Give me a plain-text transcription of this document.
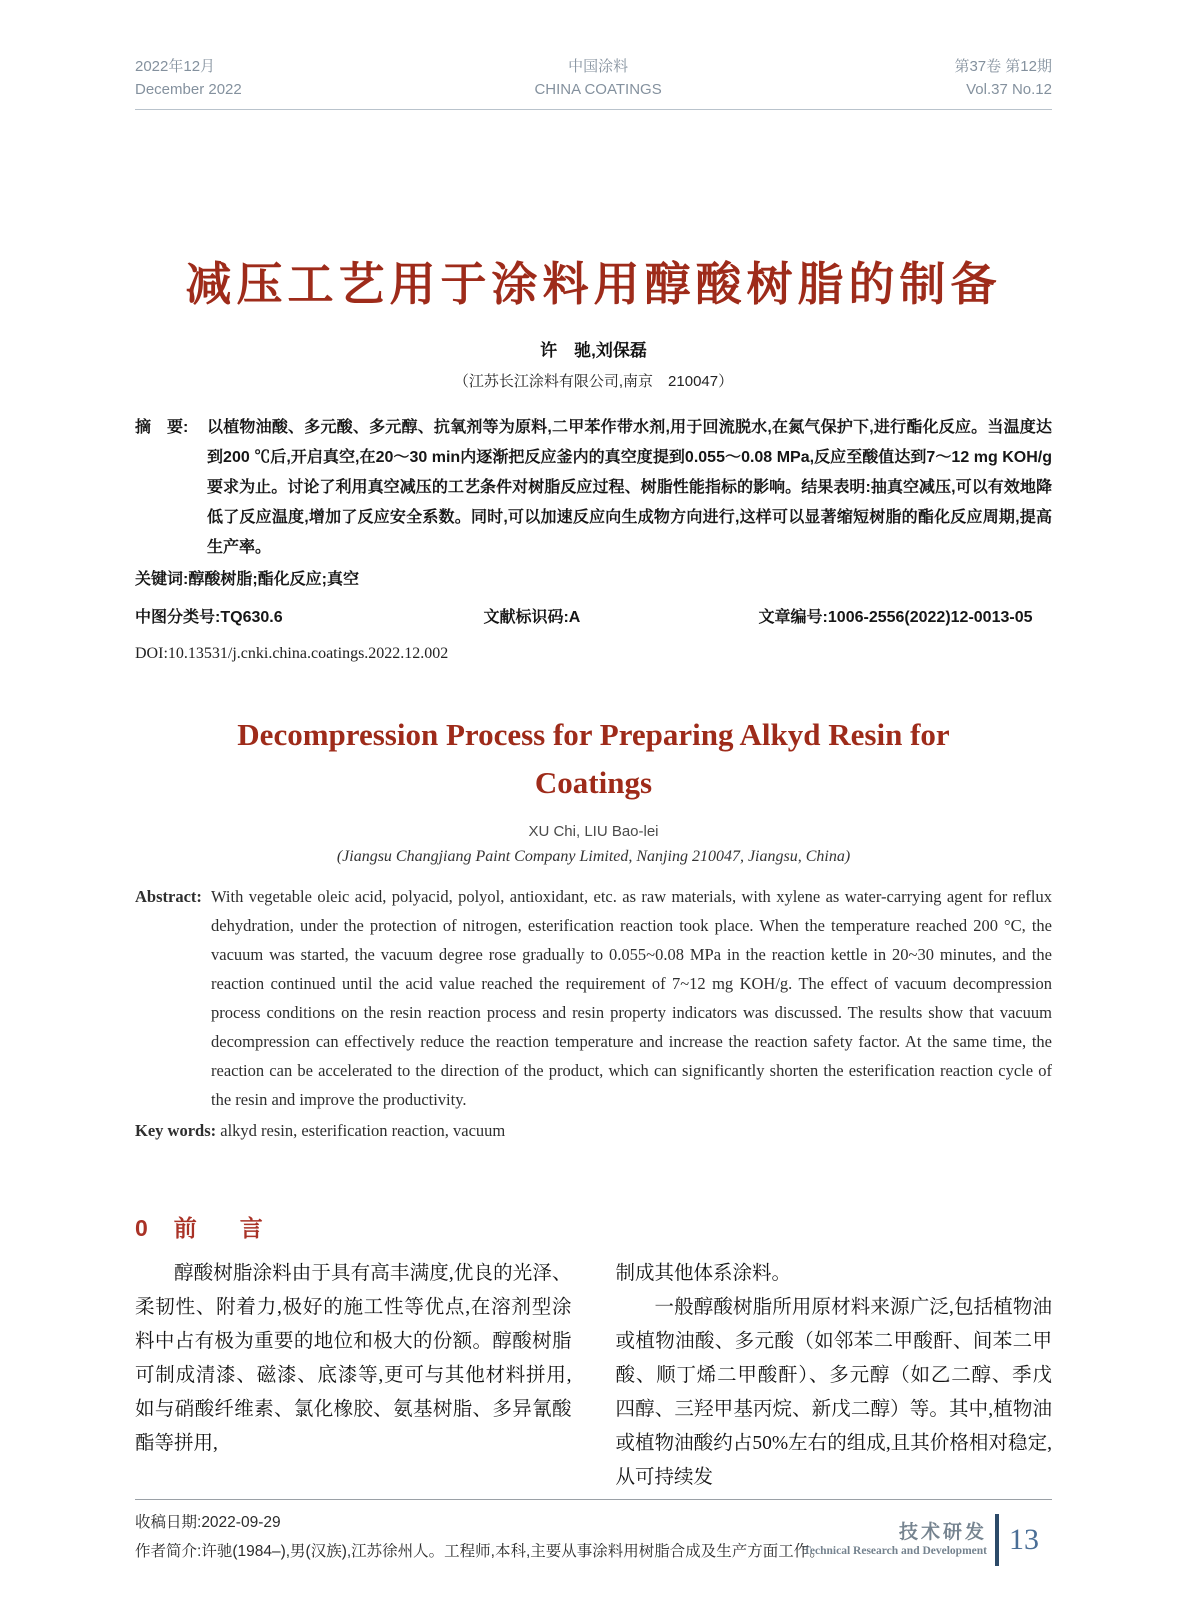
2022年12月
December 2022
中国涂料
CHINA COATINGS
第37卷 第12期
Vol.37 No.12
减压工艺用于涂料用醇酸树脂的制备
许　驰,刘保磊
（江苏长江涂料有限公司,南京　210047）
摘　要: 以植物油酸、多元酸、多元醇、抗氧剂等为原料,二甲苯作带水剂,用于回流脱水,在氮气保护下,进行酯化反应。当温度达到200 ℃后,开启真空,在20～30 min内逐渐把反应釜内的真空度提到0.055～0.08 MPa,反应至酸值达到7～12 mg KOH/g要求为止。讨论了利用真空减压的工艺条件对树脂反应过程、树脂性能指标的影响。结果表明:抽真空减压,可以有效地降低了反应温度,增加了反应安全系数。同时,可以加速反应向生成物方向进行,这样可以显著缩短树脂的酯化反应周期,提高生产率。
关键词:醇酸树脂;酯化反应;真空
中图分类号:TQ630.6	文献标识码:A	文章编号:1006-2556(2022)12-0013-05
DOI:10.13531/j.cnki.china.coatings.2022.12.002
Decompression Process for Preparing Alkyd Resin for
Coatings
XU Chi, LIU Bao-lei
(Jiangsu Changjiang Paint Company Limited, Nanjing 210047, Jiangsu, China)
Abstract: With vegetable oleic acid, polyacid, polyol, antioxidant, etc. as raw materials, with xylene as water-carrying agent for reflux dehydration, under the protection of nitrogen, esterification reaction took place. When the temperature reached 200 °C, the vacuum was started, the vacuum degree rose gradually to 0.055~0.08 MPa in the reaction kettle in 20~30 minutes, and the reaction continued until the acid value reached the requirement of 7~12 mg KOH/g. The effect of vacuum decompression process conditions on the resin reaction process and resin property indicators was discussed. The results show that vacuum decompression can effectively reduce the reaction temperature and increase the reaction safety factor. At the same time, the reaction can be accelerated to the direction of the product, which can significantly shorten the esterification reaction cycle of the resin and improve the productivity.
Key words: alkyd resin, esterification reaction, vacuum
0 前　言

醇酸树脂涂料由于具有高丰满度,优良的光泽、柔韧性、附着力,极好的施工性等优点,在溶剂型涂料中占有极为重要的地位和极大的份额。醇酸树脂可制成清漆、磁漆、底漆等,更可与其他材料拼用,如与硝酸纤维素、氯化橡胶、氨基树脂、多异氰酸酯等拼用,

制成其他体系涂料。

一般醇酸树脂所用原材料来源广泛,包括植物油或植物油酸、多元酸（如邻苯二甲酸酐、间苯二甲酸、顺丁烯二甲酸酐）、多元醇（如乙二醇、季戊四醇、三羟甲基丙烷、新戊二醇）等。其中,植物油或植物油酸约占50%左右的组成,且其价格相对稳定,从可持续发

收稿日期:2022-09-29

作者简介:许驰(1984–),男(汉族),江苏徐州人。工程师,本科,主要从事涂料用树脂合成及生产方面工作。

技术研发
Technical Research and Development 13
